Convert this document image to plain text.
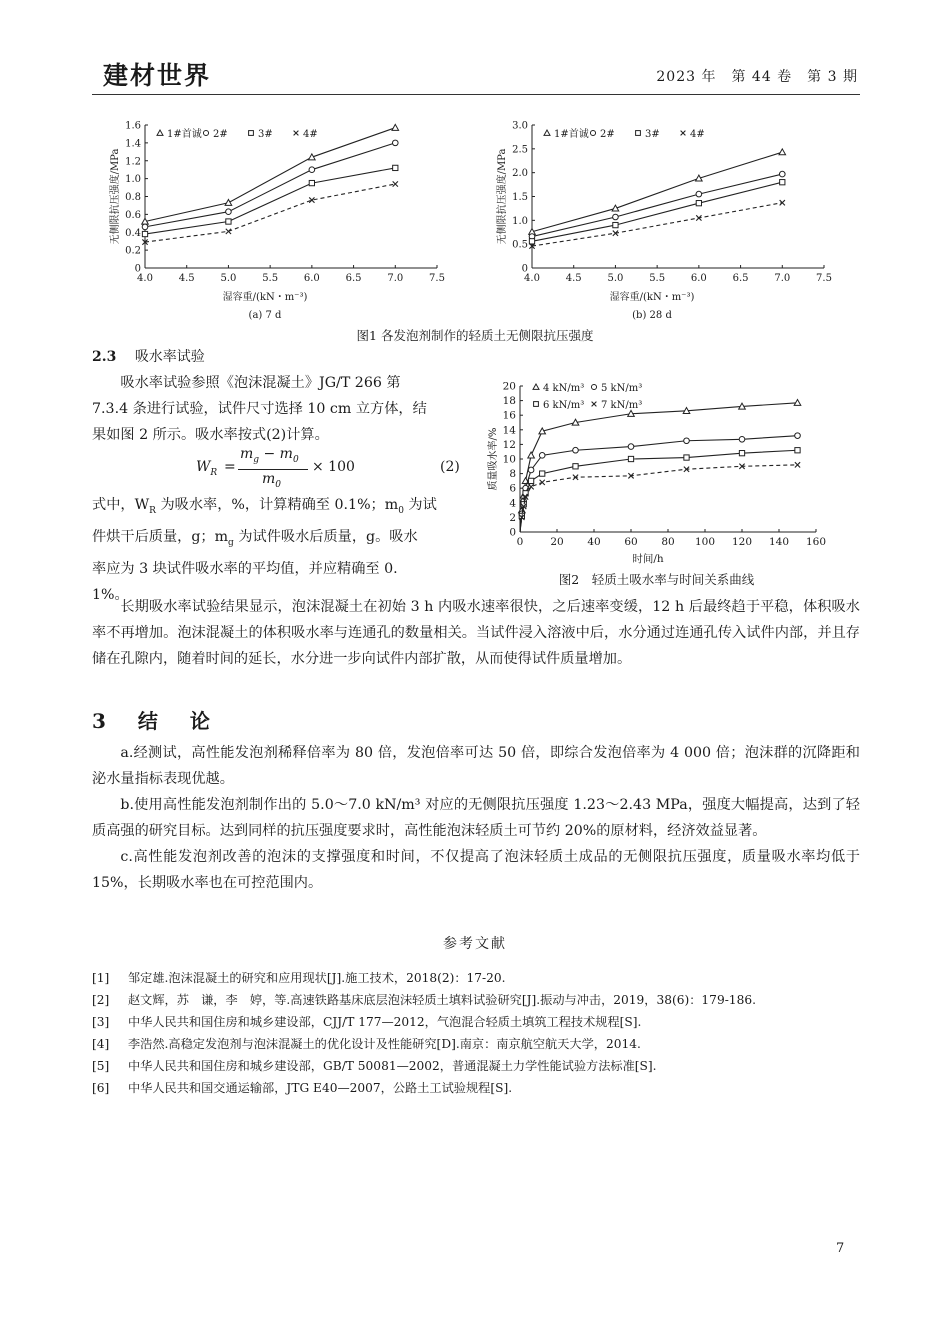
建材世界	2023 年　第 44 卷　第 3 期
4.0	4.5	5.0	5.5	6.0	6.5	7.0	7.5
0
0.2
0.4
0.6
0.8
1.0
1.2
1.4
1.6
1#首诚 2#	3#	4#
湿容重/(kN・m⁻³)
无侧限抗压强度/MPa
(a) 7 d
4.0	4.5	5.0	5.5	6.0	6.5	7.0	7.5
0
0.5
1.0
1.5
2.0
2.5
3.0
1#首诚 2#	3#	4#
湿容重/(kN・m⁻³)
无侧限抗压强度/MPa
(b) 28 d
图1 各发泡剂制作的轻质土无侧限抗压强度
2.3 吸水率试验
吸水率试验参照《泡沫混凝土》JG/T 266 第
7.3.4 条进行试验，试件尺寸选择 10 cm 立方体，结
果如图 2 所示。吸水率按式(2)计算。
$W_R$ =
$m_g - m_0$
$m_0$
× 100	(2)
式中，$W_R$ 为吸水率，%，计算精确至 0.1%；$m_0$ 为试
件烘干后质量，g；$m_g$ 为试件吸水后质量，g。吸水
率应为 3 块试件吸水率的平均值，并应精确至 0.
1%。
0	20 40 60 80 100 120 140 160
0
2
4
6
8
10
12
14
16
18
20	4 kN/m³ 5 kN/m³
6 kN/m³ 7 kN/m³
时间/h
质量吸水率/%
图2　轻质土吸水率与时间关系曲线

长期吸水率试验结果显示，泡沫混凝土在初始 3 h 内吸水速率很快，之后速率变缓，12 h 后最终趋于平稳，体积吸水率不再增加。泡沫混凝土的体积吸水率与连通孔的数量相关。当试件浸入溶液中后，水分通过连通孔传入试件内部，并且存储在孔隙内，随着时间的延长，水分进一步向试件内部扩散，从而使得试件质量增加。

3　结　论

a.经测试，高性能发泡剂稀释倍率为 80 倍，发泡倍率可达 50 倍，即综合发泡倍率为 4 000 倍；泡沫群的沉降距和泌水量指标表现优越。

b.使用高性能发泡剂制作出的 5.0～7.0 kN/m³ 对应的无侧限抗压强度 1.23～2.43 MPa，强度大幅提高，达到了轻质高强的研究目标。达到同样的抗压强度要求时，高性能泡沫轻质土可节约 20%的原材料，经济效益显著。

c.高性能发泡剂改善的泡沫的支撑强度和时间，不仅提高了泡沫轻质土成品的无侧限抗压强度，质量吸水率均低于 15%，长期吸水率也在可控范围内。

参考文献
[1] 邹定雄.泡沫混凝土的研究和应用现状[J].施工技术，2018(2)：17-20.
[2] 赵文辉，苏　谦，李　婷，等.高速铁路基床底层泡沫轻质土填料试验研究[J].振动与冲击，2019，38(6)：179-186.
[3] 中华人民共和国住房和城乡建设部，CJJ/T 177—2012，气泡混合轻质土填筑工程技术规程[S].
[4] 李浩然.高稳定发泡剂与泡沫混凝土的优化设计及性能研究[D].南京：南京航空航天大学，2014.
[5] 中华人民共和国住房和城乡建设部，GB/T 50081—2002，普通混凝土力学性能试验方法标准[S].
[6] 中华人民共和国交通运输部，JTG E40—2007，公路土工试验规程[S].
7
